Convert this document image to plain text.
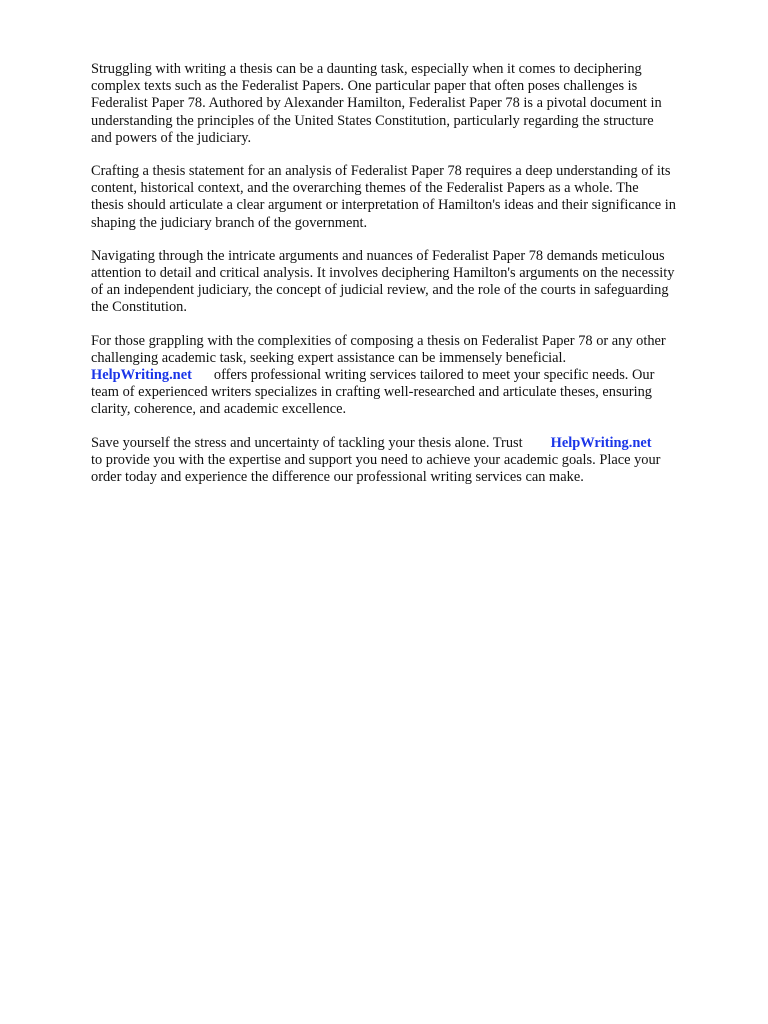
Struggling with writing a thesis can be a daunting task, especially when it comes to deciphering
complex texts such as the Federalist Papers. One particular paper that often poses challenges is
Federalist Paper 78. Authored by Alexander Hamilton, Federalist Paper 78 is a pivotal document in
understanding the principles of the United States Constitution, particularly regarding the structure
and powers of the judiciary.

Crafting a thesis statement for an analysis of Federalist Paper 78 requires a deep understanding of its
content, historical context, and the overarching themes of the Federalist Papers as a whole. The
thesis should articulate a clear argument or interpretation of Hamilton's ideas and their significance in
shaping the judiciary branch of the government.

Navigating through the intricate arguments and nuances of Federalist Paper 78 demands meticulous
attention to detail and critical analysis. It involves deciphering Hamilton's arguments on the necessity
of an independent judiciary, the concept of judicial review, and the role of the courts in safeguarding
the Constitution.

For those grappling with the complexities of composing a thesis on Federalist Paper 78 or any other
challenging academic task, seeking expert assistance can be immensely beneficial.
HelpWriting.net offers professional writing services tailored to meet your specific needs. Our
team of experienced writers specializes in crafting well-researched and articulate theses, ensuring
clarity, coherence, and academic excellence.

Save yourself the stress and uncertainty of tackling your thesis alone. Trust HelpWriting.net
to provide you with the expertise and support you need to achieve your academic goals. Place your
order today and experience the difference our professional writing services can make.
